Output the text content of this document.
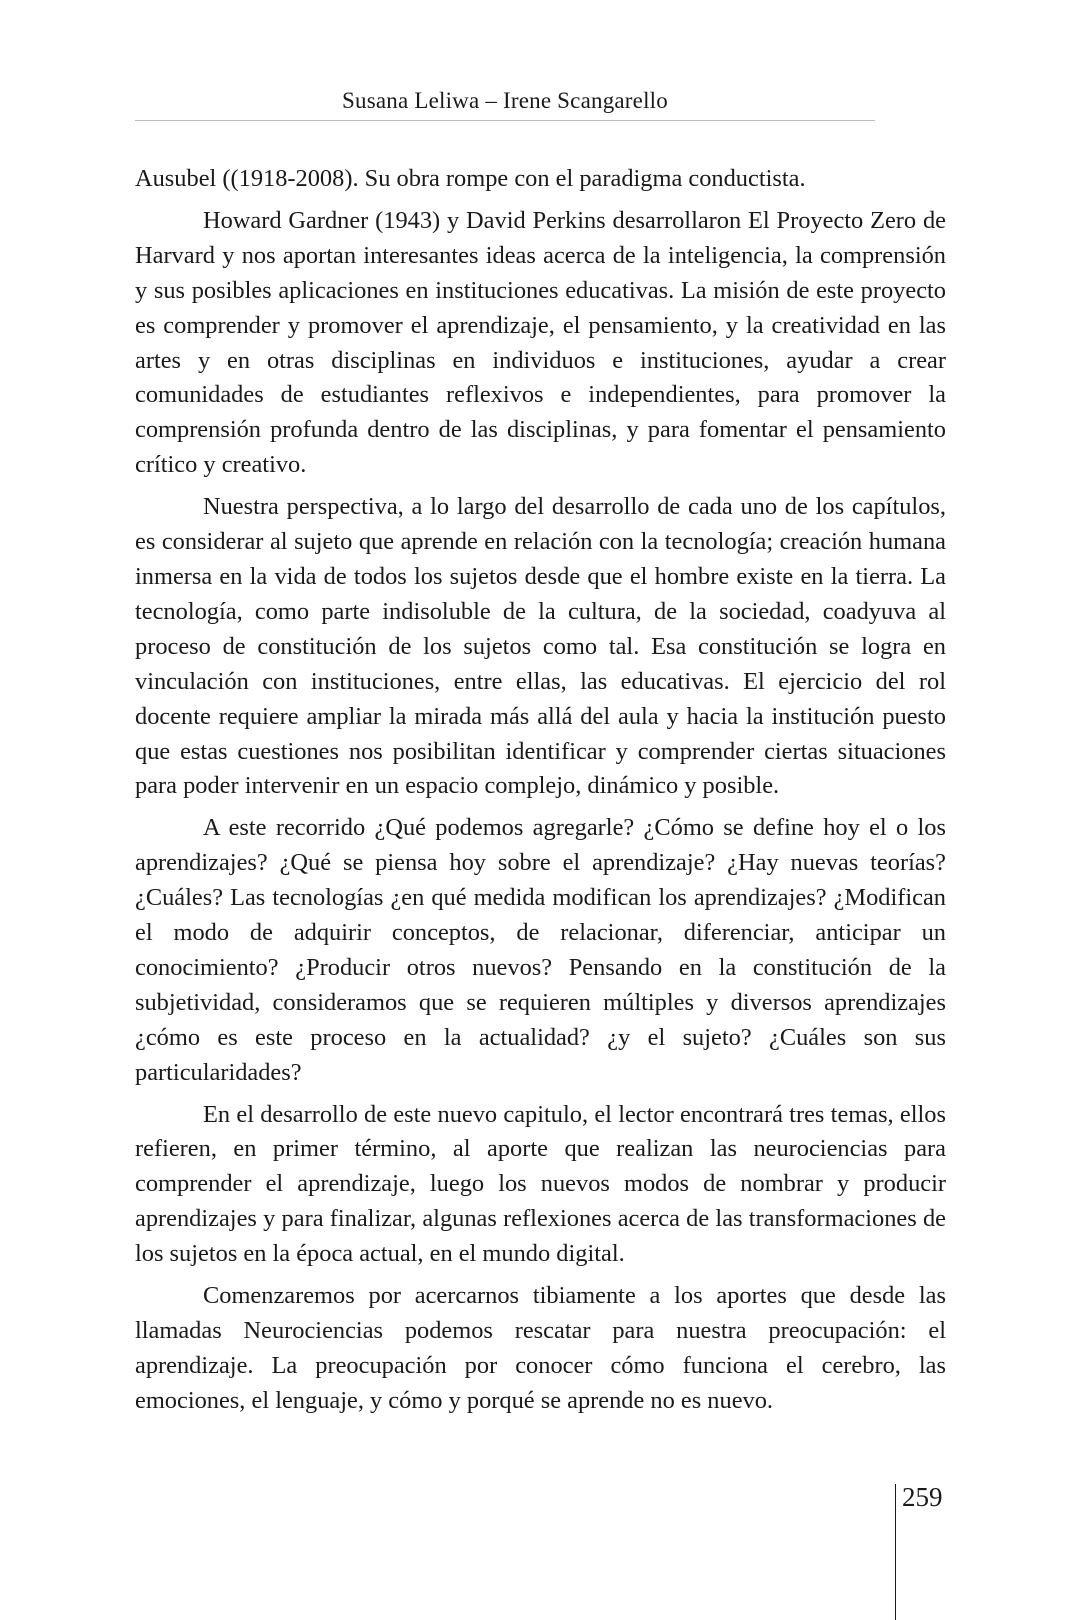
Susana Leliwa – Irene Scangarello

Ausubel ((1918-2008). Su obra rompe con el paradigma conductista.

Howard Gardner (1943) y David Perkins desarrollaron El Proyecto Zero de Harvard y nos aportan interesantes ideas acerca de la inteligencia, la comprensión y sus posibles aplicaciones en instituciones educativas. La misión de este proyecto es comprender y promover el aprendizaje, el pensamiento, y la creatividad en las artes y en otras disciplinas en individuos e instituciones, ayudar a crear comunidades de estudiantes reflexivos e independientes, para promover la comprensión profunda dentro de las disciplinas, y para fomentar el pensamiento crítico y creativo.

Nuestra perspectiva, a lo largo del desarrollo de cada uno de los capítulos, es considerar al sujeto que aprende en relación con la tecnología; creación humana inmersa en la vida de todos los sujetos desde que el hombre existe en la tierra. La tecnología, como parte indisoluble de la cultura, de la sociedad, coadyuva al proceso de constitución de los sujetos como tal. Esa constitución se logra en vinculación con instituciones, entre ellas, las educativas. El ejercicio del rol docente requiere ampliar la mirada más allá del aula y hacia la institución puesto que estas cuestiones nos posibilitan identificar y comprender ciertas situaciones para poder intervenir en un espacio complejo, dinámico y posible.

A este recorrido ¿Qué podemos agregarle? ¿Cómo se define hoy el o los aprendizajes? ¿Qué se piensa hoy sobre el aprendizaje? ¿Hay nuevas teorías? ¿Cuáles? Las tecnologías ¿en qué medida modifican los aprendizajes? ¿Modifican el modo de adquirir conceptos, de relacionar, diferenciar, anticipar un conocimiento? ¿Producir otros nuevos? Pensando en la constitución de la subjetividad, consideramos que se requieren múltiples y diversos aprendizajes ¿cómo es este proceso en la actualidad? ¿y el sujeto? ¿Cuáles son sus particularidades?

En el desarrollo de este nuevo capitulo, el lector encontrará tres temas, ellos refieren, en primer término, al aporte que realizan las neurociencias para comprender el aprendizaje, luego los nuevos modos de nombrar y producir aprendizajes y para finalizar, algunas reflexiones acerca de las transformaciones de los sujetos en la época actual, en el mundo digital.

Comenzaremos por acercarnos tibiamente a los aportes que desde las llamadas Neurociencias podemos rescatar para nuestra preocupación: el aprendizaje. La preocupación por conocer cómo funciona el cerebro, las emociones, el lenguaje, y cómo y porqué se aprende no es nuevo.

259
